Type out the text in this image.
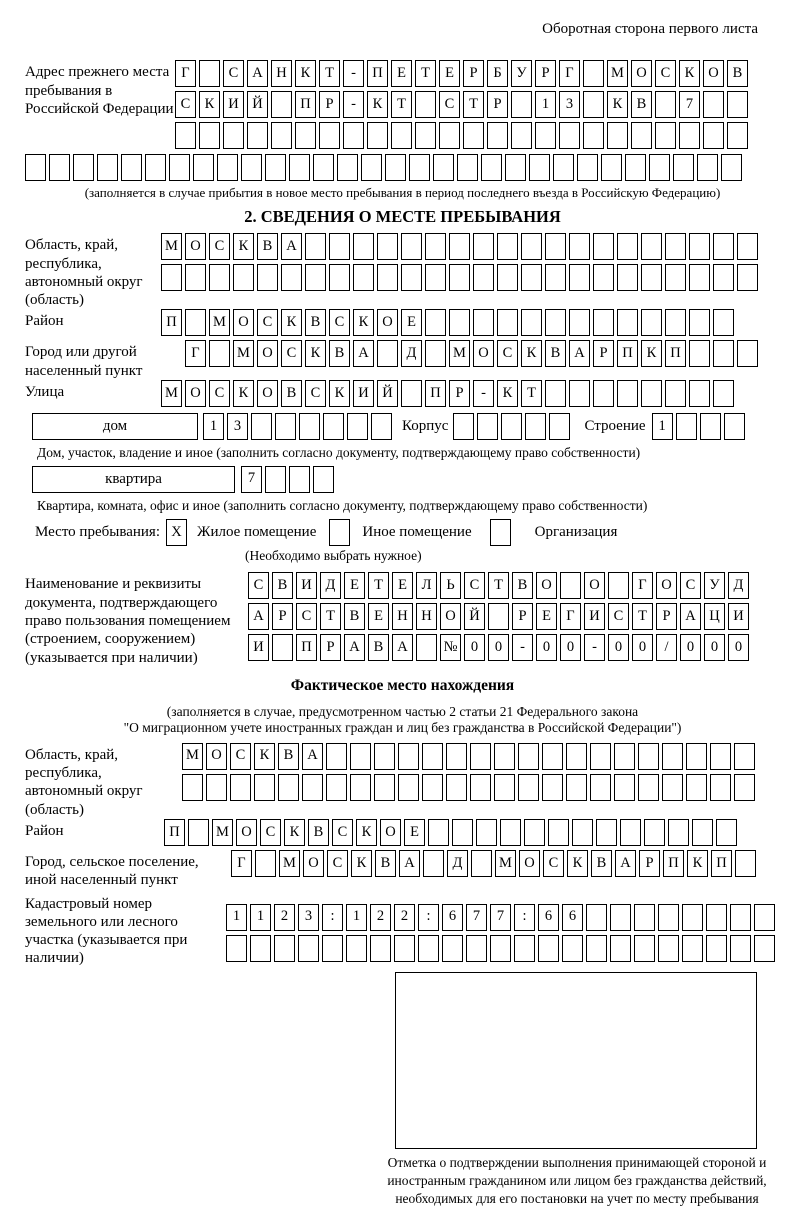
Оборотная сторона первого листа
Адрес прежнего места пребывания в Российской Федерации
Г	С А Н К	Т	-	П Е	Т	Е	Р	Б	У	Р	Г	М О С К О В
С К И Й	П	Р	-	К	Т	С	Т	Р	1	3	К В	7
(заполняется в случае прибытия в новое место пребывания в период последнего въезда в Российскую Федерацию)
2. СВЕДЕНИЯ О МЕСТЕ ПРЕБЫВАНИЯ
Область, край, республика, автономный округ (область)
М О С К В А
Район	П	М О С К В С К О Е
Город или другой населенный пункт
Г	М О С К В А	Д	М О С К В А	Р	П К П
Улица	М О С К О В С К И Й	П	Р	-	К	Т
дом	1	3	Корпус	Строение 1
Дом, участок, владение и иное (заполнить согласно документу, подтверждающему право собственности)
квартира	7
Квартира, комната, офис и иное (заполнить согласно документу, подтверждающему право собственности)
Место пребывания: X	Жилое помещение	Иное помещение	Организация
(Необходимо выбрать нужное)
Наименование и реквизиты документа, подтверждающего право пользования помещением (строением, сооружением) (указывается при наличии)
С В И Д	Е	Т	Е	Л	Ь	С	Т	В О	О	Г	О С У Д
А	Р	С	Т	В	Е Н Н О Й	Р	Е	Г	И С	Т	Р	А Ц И
И	П	Р	А В А	№ 0	0	-	0	0	-	0	0	/	0	0	0
Фактическое место нахождения
(заполняется в случае, предусмотренном частью 2 статьи 21 Федерального закона
"О миграционном учете иностранных граждан и лиц без гражданства в Российской Федерации")
Область, край, республика, автономный округ (область)
М О С К В А
Район	П	М О С К В С К О Е
Город, сельское поселение, иной населенный пункт
Г	М О С К В А	Д	М О С К В А	Р	П К П
Кадастровый номер земельного или лесного участка (указывается при наличии)
1	1	2	3	:	1	2	2	:	6	7	7	:	6	6
Отметка о подтверждении выполнения принимающей стороной и иностранным гражданином или лицом без гражданства действий, необходимых для его постановки на учет по месту пребывания
